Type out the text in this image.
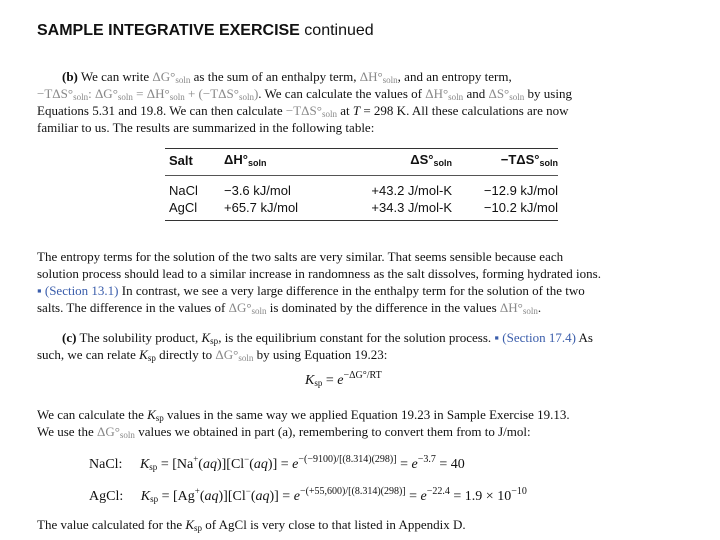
SAMPLE INTEGRATIVE EXERCISE continued
(b) We can write $\Delta G^\circ_{soln}$ as the sum of an enthalpy term, $\Delta H^\circ_{soln}$, and an entropy term,
$-T\Delta S^\circ_{soln}$: $\Delta G^\circ_{soln} = \Delta H^\circ_{soln} + (-T\Delta S^\circ_{soln})$. We can calculate the values of $\Delta H^\circ_{soln}$ and $\Delta S^\circ_{soln}$ by using
Equations 5.31 and 19.8. We can then calculate $-T\Delta S^\circ_{soln}$ at T = 298 K. All these calculations are now
familiar to us. The results are summarized in the following table:
Salt	$\Delta H^\circ_{soln}$	$\Delta S^\circ_{soln}$	$-T\Delta S^\circ_{soln}$
NaCl	−3.6 kJ/mol	+43.2 J/mol-K	−12.9 kJ/mol
AgCl	+65.7 kJ/mol	+34.3 J/mol-K	−10.2 kJ/mol
The entropy terms for the solution of the two salts are very similar. That seems sensible because each
solution process should lead to a similar increase in randomness as the salt dissolves, forming hydrated ions.
▪ (Section 13.1) In contrast, we see a very large difference in the enthalpy term for the solution of the two
salts. The difference in the values of $\Delta G^\circ_{soln}$ is dominated by the difference in the values $\Delta H^\circ_{soln}$.
(c) The solubility product, $K_{sp}$, is the equilibrium constant for the solution process. ▪ (Section 17.4) As
such, we can relate $K_{sp}$ directly to $\Delta G^\circ_{soln}$ by using Equation 19.23:
$K_{sp} = e^{-\Delta G^\circ/RT}$
We can calculate the $K_{sp}$ values in the same way we applied Equation 19.23 in Sample Exercise 19.13.
We use the $\Delta G^\circ_{soln}$ values we obtained in part (a), remembering to convert them from to J/mol:
NaCl: $K_{sp} = [Na^+(aq)][Cl^-(aq)] = e^{-(-9100)/[(8.314)(298)]} = e^{-3.7} = 40$
AgCl: $K_{sp} = [Ag^+(aq)][Cl^-(aq)] = e^{-(+55,600)/[(8.314)(298)]} = e^{-22.4} = 1.9 \times 10^{-10}$
The value calculated for the $K_{sp}$ of AgCl is very close to that listed in Appendix D.
